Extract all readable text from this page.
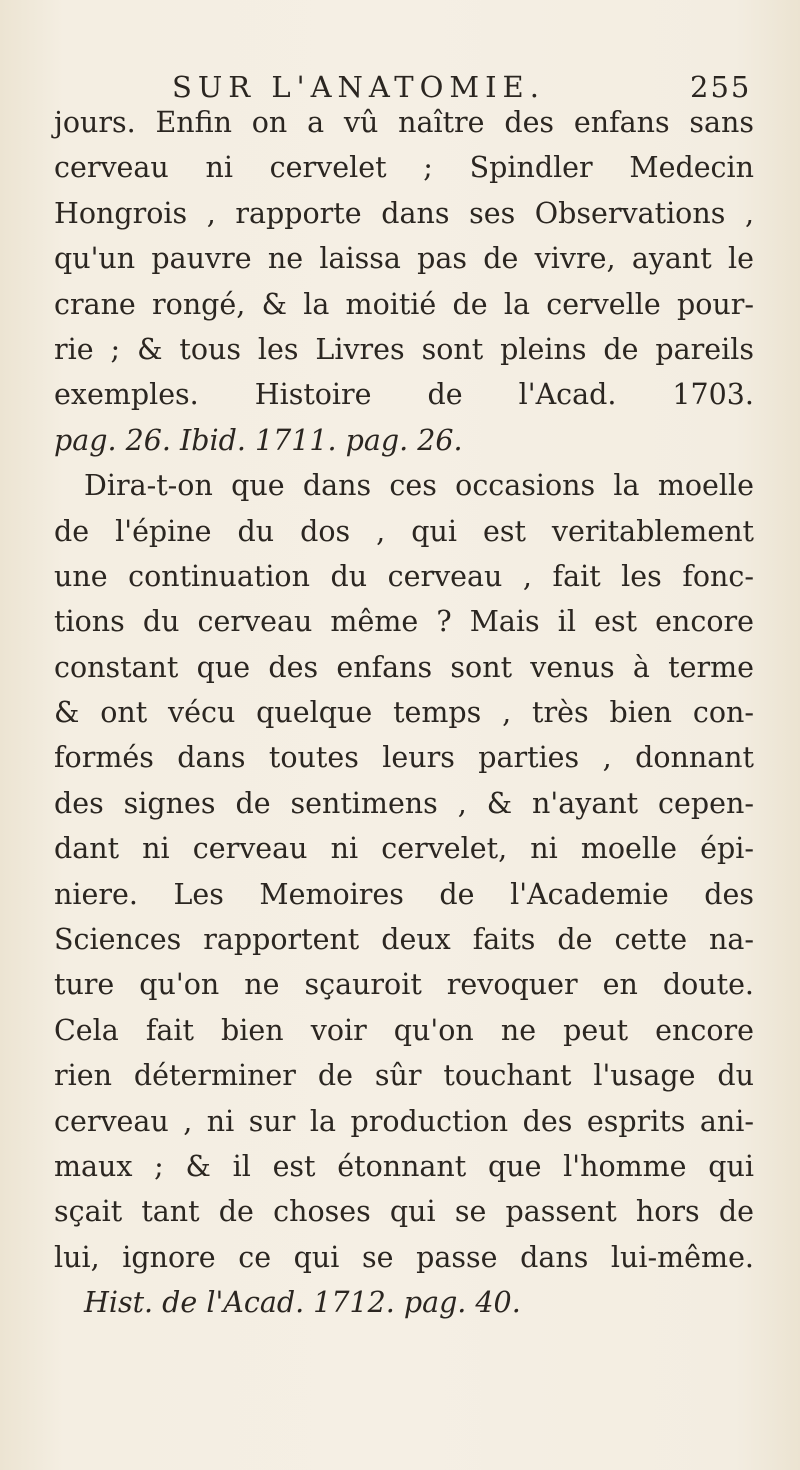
SUR L'ANATOMIE.	255
jours. Enfin on a vû naître des enfans sans
cerveau ni cervelet ; Spindler Medecin
Hongrois , rapporte dans ses Observations ,
qu'un pauvre ne laissa pas de vivre, ayant le
crane rongé, & la moitié de la cervelle pour-
rie ; & tous les Livres sont pleins de pareils
exemples. Histoire de l'Acad. 1703.
pag. 26. Ibid. 1711. pag. 26.
Dira-t-on que dans ces occasions la moelle
de l'épine du dos , qui est veritablement
une continuation du cerveau , fait les fonc-
tions du cerveau même ? Mais il est encore
constant que des enfans sont venus à terme
& ont vécu quelque temps , très bien con-
formés dans toutes leurs parties , donnant
des signes de sentimens , & n'ayant cepen-
dant ni cerveau ni cervelet, ni moelle épi-
niere. Les Memoires de l'Academie des
Sciences rapportent deux faits de cette na-
ture qu'on ne sçauroit revoquer en doute.
Cela fait bien voir qu'on ne peut encore
rien déterminer de sûr touchant l'usage du
cerveau , ni sur la production des esprits ani-
maux ; & il est étonnant que l'homme qui
sçait tant de choses qui se passent hors de
lui, ignore ce qui se passe dans lui-même.
Hist. de l'Acad. 1712. pag. 40.
